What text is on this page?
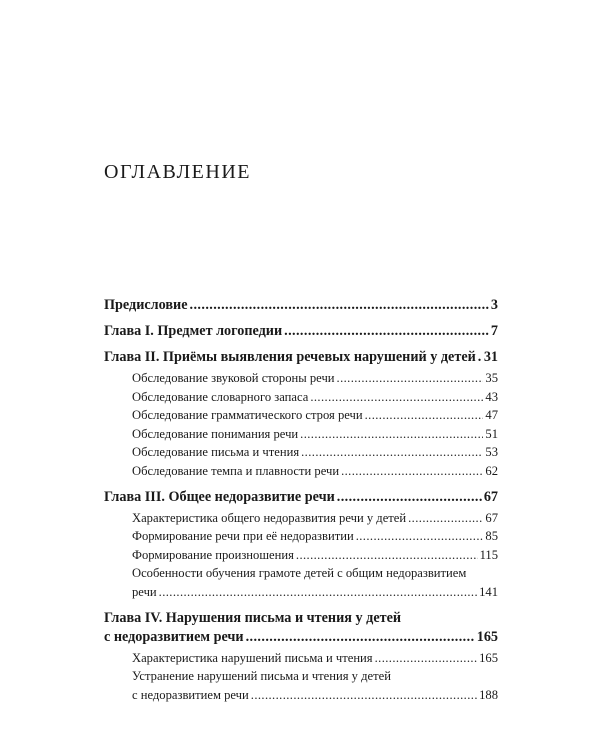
ОГЛАВЛЕНИЕ
Предисловие .....	3
Глава I. Предмет логопедии .....	7
Глава II. Приёмы выявления речевых нарушений у детей ..... 31
Обследование звуковой стороны речи .....	35
Обследование словарного запаса .....	43
Обследование грамматического строя речи .....	47
Обследование понимания речи .....	51
Обследование письма и чтения .....	53
Обследование темпа и плавности речи .....	62
Глава III. Общее недоразвитие речи .....	67
Характеристика общего недоразвития речи у детей .....	67
Формирование речи при её недоразвитии .....	85
Формирование произношения .....	115
Особенности обучения грамоте детей с общим недоразвитием
речи .....	141
Глава IV. Нарушения письма и чтения у детей
с недоразвитием речи .....	165
Характеристика нарушений письма и чтения .....	165
Устранение нарушений письма и чтения у детей
с недоразвитием речи .....	188
